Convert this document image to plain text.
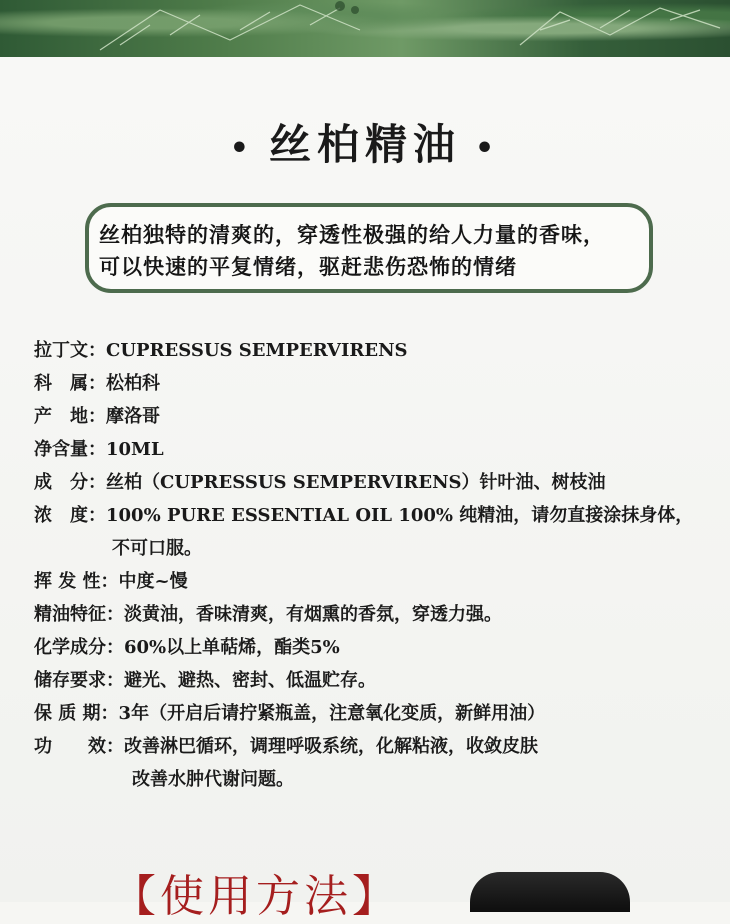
• 丝柏精油 •

丝柏独特的清爽的，穿透性极强的给人力量的香味，

可以快速的平复情绪，驱赶悲伤恐怖的情绪

拉丁文：CUPRESSUS SEMPERVIRENS
科　属：松柏科
产　地：摩洛哥
净含量：10ML
成　分：丝柏（CUPRESSUS SEMPERVIRENS）针叶油、树枝油
浓　度：100% PURE ESSENTIAL OIL 100% 纯精油，请勿直接涂抹身体，
不可口服。
挥 发 性：中度~慢
精油特征：淡黄油，香味清爽，有烟熏的香氛，穿透力强。
化学成分：60%以上单萜烯，酯类5%
储存要求：避光、避热、密封、低温贮存。
保 质 期：3年（开启后请拧紧瓶盖，注意氧化变质，新鲜用油）
功　　效：改善淋巴循环，调理呼吸系统，化解粘液，收敛皮肤
改善水肿代谢问题。
【使用方法】
